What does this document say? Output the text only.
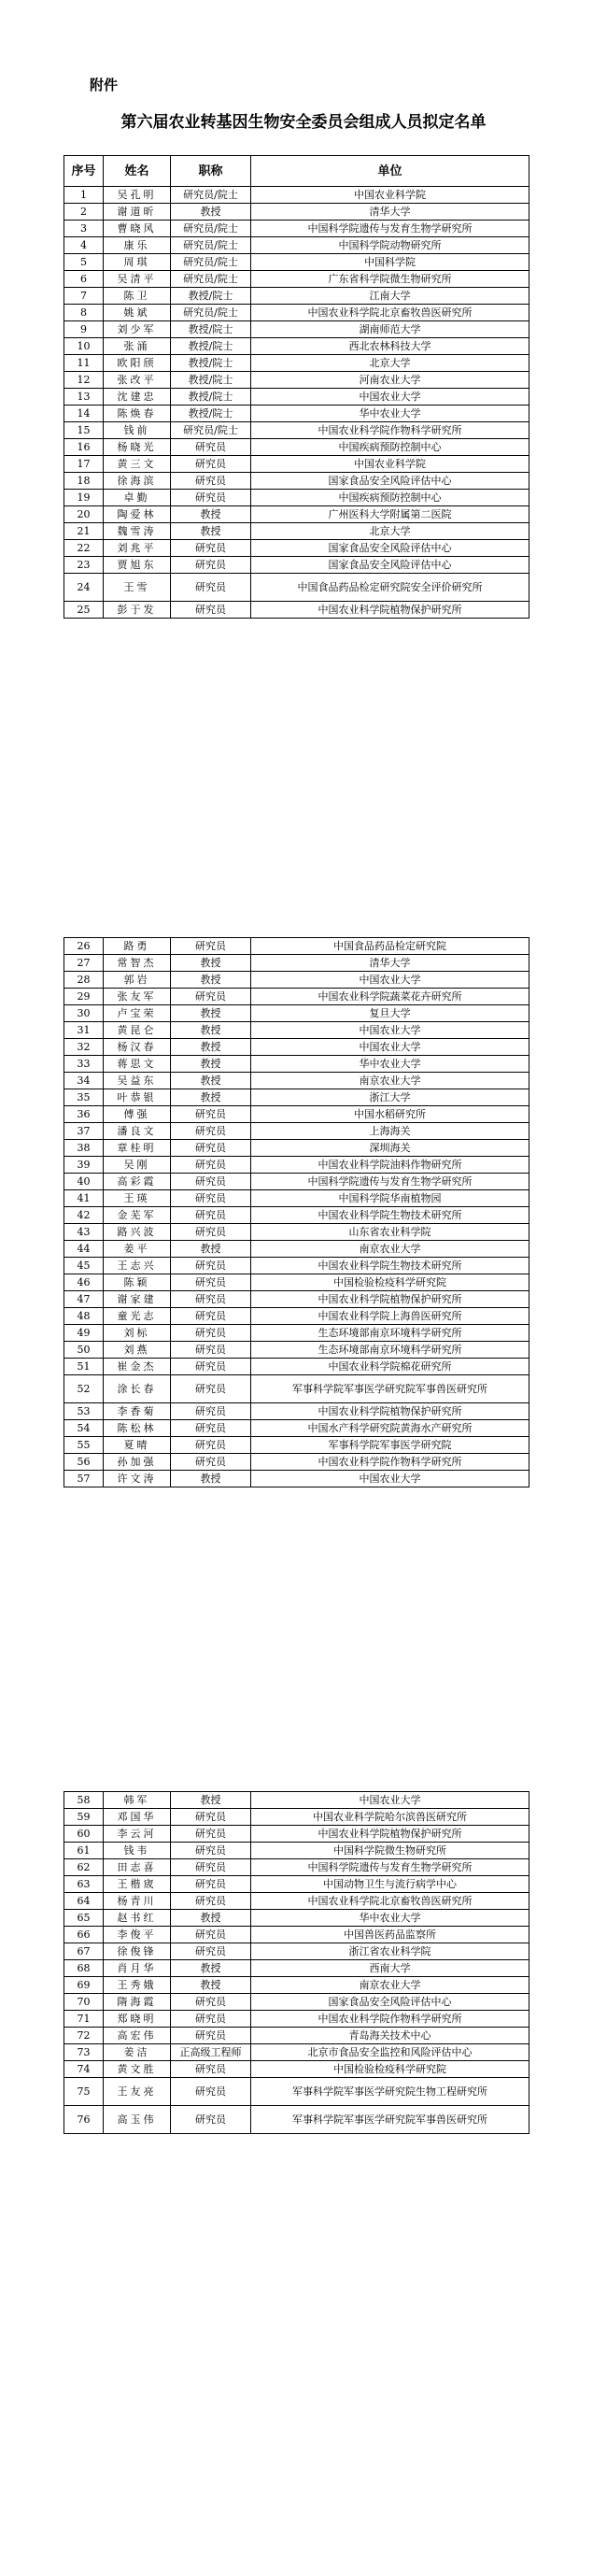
附件
第六届农业转基因生物安全委员会组成人员拟定名单
序号	姓名	职称	单位
1	吴孔明	研究员/院士	中国农业科学院
2	谢道昕	教授	清华大学
3	曹晓风	研究员/院士	中国科学院遗传与发育生物学研究所
4	康乐	研究员/院士	中国科学院动物研究所
5	周琪	研究员/院士	中国科学院
6	吴清平	研究员/院士	广东省科学院微生物研究所
7	陈卫	教授/院士	江南大学
8	姚斌	研究员/院士	中国农业科学院北京畜牧兽医研究所
9	刘少军	教授/院士	湖南师范大学
10	张涌	教授/院士	西北农林科技大学
11	欧阳颀	教授/院士	北京大学
12	张改平	教授/院士	河南农业大学
13	沈建忠	教授/院士	中国农业大学
14	陈焕春	教授/院士	华中农业大学
15	钱前	研究员/院士	中国农业科学院作物科学研究所
16	杨晓光	研究员	中国疾病预防控制中心
17	黄三文	研究员	中国农业科学院
18	徐海滨	研究员	国家食品安全风险评估中心
19	卓勤	研究员	中国疾病预防控制中心
20	陶爱林	教授	广州医科大学附属第二医院
21	魏雪涛	教授	北京大学
22	刘兆平	研究员	国家食品安全风险评估中心
23	贾旭东	研究员	国家食品安全风险评估中心
24	王雪	研究员	中国食品药品检定研究院安全评价研究所
25	彭于发	研究员	中国农业科学院植物保护研究所
26	路勇	研究员	中国食品药品检定研究院
27	常智杰	教授	清华大学
28	郭岩	教授	中国农业大学
29	张友军	研究员	中国农业科学院蔬菜花卉研究所
30	卢宝荣	教授	复旦大学
31	黄昆仑	教授	中国农业大学
32	杨汉春	教授	中国农业大学
33	蒋思文	教授	华中农业大学
34	吴益东	教授	南京农业大学
35	叶恭银	教授	浙江大学
36	傅强	研究员	中国水稻研究所
37	潘良文	研究员	上海海关
38	章桂明	研究员	深圳海关
39	吴刚	研究员	中国农业科学院油料作物研究所
40	高彩霞	研究员	中国科学院遗传与发育生物学研究所
41	王瑛	研究员	中国科学院华南植物园
42	金芜军	研究员	中国农业科学院生物技术研究所
43	路兴波	研究员	山东省农业科学院
44	姜平	教授	南京农业大学
45	王志兴	研究员	中国农业科学院生物技术研究所
46	陈颖	研究员	中国检验检疫科学研究院
47	谢家建	研究员	中国农业科学院植物保护研究所
48	童光志	研究员	中国农业科学院上海兽医研究所
49	刘标	研究员	生态环境部南京环境科学研究所
50	刘燕	研究员	生态环境部南京环境科学研究所
51	崔金杰	研究员	中国农业科学院棉花研究所
52	涂长春	研究员	军事科学院军事医学研究院军事兽医研究所
53	李香菊	研究员	中国农业科学院植物保护研究所
54	陈松林	研究员	中国水产科学研究院黄海水产研究所
55	夏晴	研究员	军事科学院军事医学研究院
56	孙加强	研究员	中国农业科学院作物科学研究所
57	许文涛	教授	中国农业大学
58	韩军	教授	中国农业大学
59	邓国华	研究员	中国农业科学院哈尔滨兽医研究所
60	李云河	研究员	中国农业科学院植物保护研究所
61	钱韦	研究员	中国科学院微生物研究所
62	田志喜	研究员	中国科学院遗传与发育生物学研究所
63	王楷宬	研究员	中国动物卫生与流行病学中心
64	杨青川	研究员	中国农业科学院北京畜牧兽医研究所
65	赵书红	教授	华中农业大学
66	李俊平	研究员	中国兽医药品监察所
67	徐俊锋	研究员	浙江省农业科学院
68	肖月华	教授	西南大学
69	王秀娥	教授	南京农业大学
70	隋海霞	研究员	国家食品安全风险评估中心
71	郑晓明	研究员	中国农业科学院作物科学研究所
72	高宏伟	研究员	青岛海关技术中心
73	姜洁	正高级工程师	北京市食品安全监控和风险评估中心
74	黄文胜	研究员	中国检验检疫科学研究院
75	王友亮	研究员	军事科学院军事医学研究院生物工程研究所
76	高玉伟	研究员	军事科学院军事医学研究院军事兽医研究所
